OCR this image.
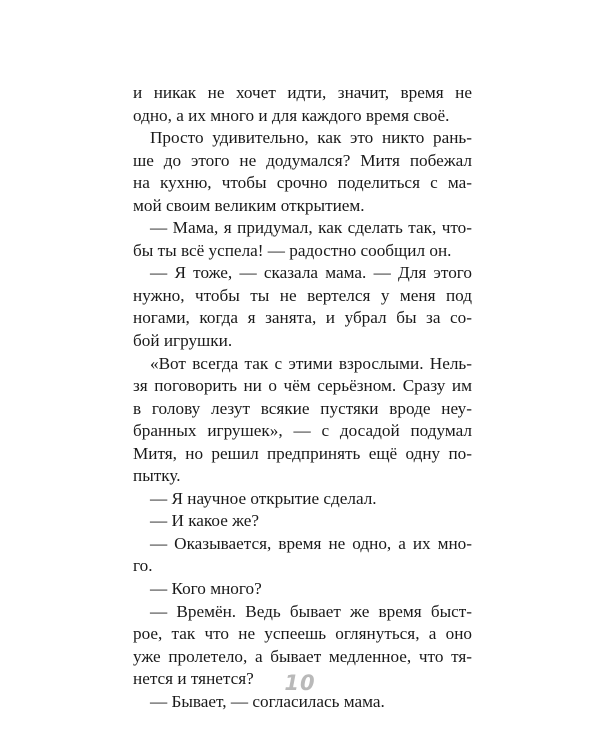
и никак не хочет идти, значит, время не
одно, а их много и для каждого время своё.
Просто удивительно, как это никто рань-
ше до этого не додумался? Митя побежал
на кухню, чтобы срочно поделиться с ма-
мой своим великим открытием.
— Мама, я придумал, как сделать так, что-
бы ты всё успела! — радостно сообщил он.
— Я тоже, — сказала мама. — Для этого
нужно, чтобы ты не вертелся у меня под
ногами, когда я занята, и убрал бы за со-
бой игрушки.
«Вот всегда так с этими взрослыми. Нель-
зя поговорить ни о чём серьёзном. Сразу им
в голову лезут всякие пустяки вроде неу-
бранных игрушек», — с досадой подумал
Митя, но решил предпринять ещё одну по-
пытку.
— Я научное открытие сделал.
— И какое же?
— Оказывается, время не одно, а их мно-
го.
— Кого много?
— Времён. Ведь бывает же время быст-
рое, так что не успеешь оглянуться, а оно
уже пролетело, а бывает медленное, что тя-
нется и тянется?
— Бывает, — согласилась мама.
10
